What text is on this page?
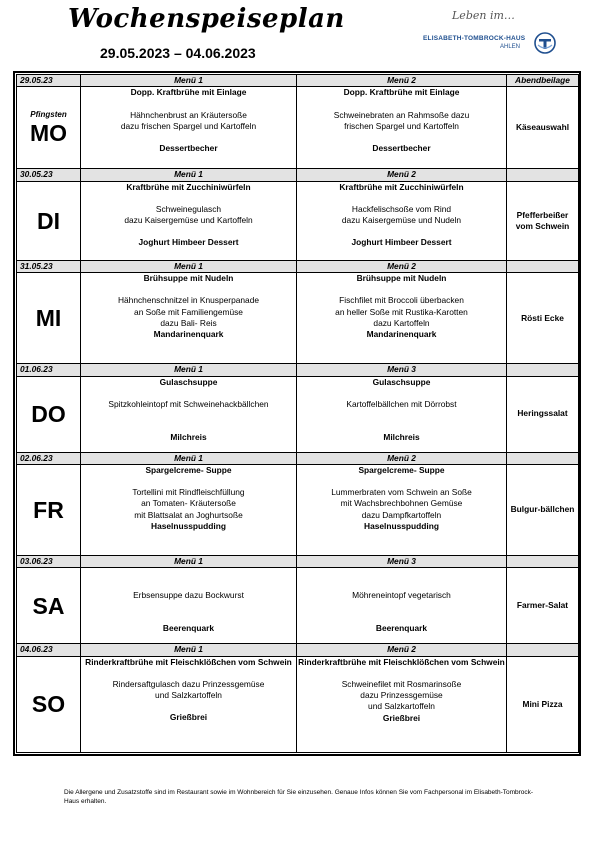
Wochenspeiseplan
29.05.2023 – 04.06.2023
Leben im…
ELISABETH-TOMBROCK-HAUS
AHLEN
29.05.23	Menü 1	Menü 2	Abendbeilage

Pfingsten
MO	Dopp. Kraftbrühe mit Einlage
Hähnchenbrust an Kräutersoße
dazu frischen Spargel und Kartoffeln
Dessertbecher	Dopp. Kraftbrühe mit Einlage
Schweinebraten an Rahmsoße dazu
frischen Spargel und Kartoffeln
Dessertbecher	Käseauswahl
30.05.23	Menü 1	Menü 2	

DI	Kraftbrühe mit Zucchiniwürfeln
Schweinegulasch
dazu Kaisergemüse und Kartoffeln
Joghurt Himbeer Dessert	Kraftbrühe mit Zucchiniwürfeln
Hackfelischsoße vom Rind
dazu Kaisergemüse und Nudeln
Joghurt Himbeer Dessert	Pfefferbeißer vom Schwein
31.05.23	Menü 1	Menü 2	

MI	Brühsuppe mit Nudeln
Hähnchenschnitzel in Knusperpanade
an Soße mit Familiengemüse
dazu Bali- Reis
Mandarinenquark	Brühsuppe mit Nudeln
Fischfilet mit Broccoli überbacken
an heller Soße mit Rustika-Karotten
dazu Kartoffeln
Mandarinenquark	Rösti Ecke
01.06.23	Menü 1	Menü 3	

DO	Gulaschsuppe
Spitzkohleintopf mit Schweinehackbällchen
Milchreis	Gulaschsuppe
Kartoffelbällchen mit Dörrobst
Milchreis	Heringssalat
02.06.23	Menü 1	Menü 2	

FR	Spargelcreme- Suppe
Tortellini mit Rindfleischfüllung
an Tomaten- Kräutersoße
mit Blattsalat an Joghurtsoße
Haselnusspudding	Spargelcreme- Suppe
Lummerbraten vom Schwein an Soße
mit Wachsbrechbohnen Gemüse
dazu Dampfkartoffeln
Haselnusspudding	Bulgur-bällchen
03.06.23	Menü 1	Menü 3	

SA	Erbsensuppe dazu Bockwurst
Beerenquark	Möhreneintopf vegetarisch
Beerenquark	Farmer-Salat
04.06.23	Menü 1	Menü 2	

SO	Rinderkraftbrühe mit Fleischklößchen vom Schwein
Rindersaftgulasch dazu Prinzessgemüse
und Salzkartoffeln
Grießbrei	Rinderkraftbrühe mit Fleischklößchen vom Schwein
Schweinefilet mit Rosmarinsoße
dazu Prinzessgemüse
und Salzkartoffeln
Grießbrei	Mini Pizza
Die Allergene und Zusatzstoffe sind im Restaurant sowie im Wohnbereich für Sie einzusehen. Genaue Infos können Sie vom Fachpersonal im Elisabeth-Tombrock-Haus erhalten.
